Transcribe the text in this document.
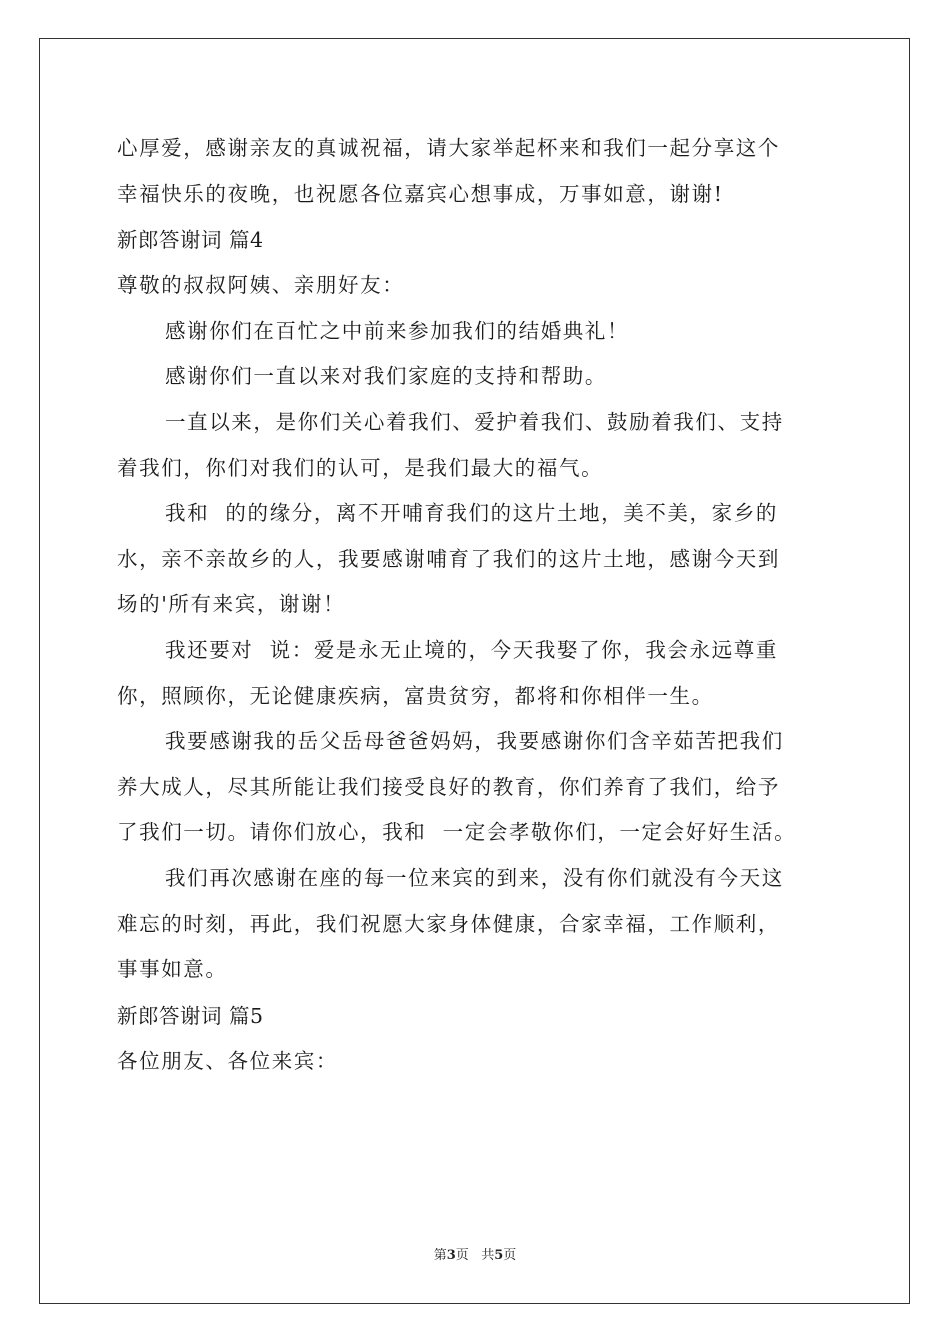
心厚爱，感谢亲友的真诚祝福，请大家举起杯来和我们一起分享这个
幸福快乐的夜晚，也祝愿各位嘉宾心想事成，万事如意，谢谢!
新郎答谢词 篇4
尊敬的叔叔阿姨、亲朋好友：
感谢你们在百忙之中前来参加我们的结婚典礼！
感谢你们一直以来对我们家庭的支持和帮助。
一直以来，是你们关心着我们、爱护着我们、鼓励着我们、支持
着我们，你们对我们的认可，是我们最大的福气。
我和  的的缘分，离不开哺育我们的这片土地，美不美，家乡的
水，亲不亲故乡的人，我要感谢哺育了我们的这片土地，感谢今天到
场的'所有来宾，谢谢！
我还要对  说：爱是永无止境的，今天我娶了你，我会永远尊重
你，照顾你，无论健康疾病，富贵贫穷，都将和你相伴一生。
我要感谢我的岳父岳母爸爸妈妈，我要感谢你们含辛茹苦把我们
养大成人，尽其所能让我们接受良好的教育，你们养育了我们，给予
了我们一切。请你们放心，我和  一定会孝敬你们，一定会好好生活。
我们再次感谢在座的每一位来宾的到来，没有你们就没有今天这
难忘的时刻，再此，我们祝愿大家身体健康，合家幸福，工作顺利，
事事如意。
新郎答谢词 篇5
各位朋友、各位来宾：
第3页 共5页
